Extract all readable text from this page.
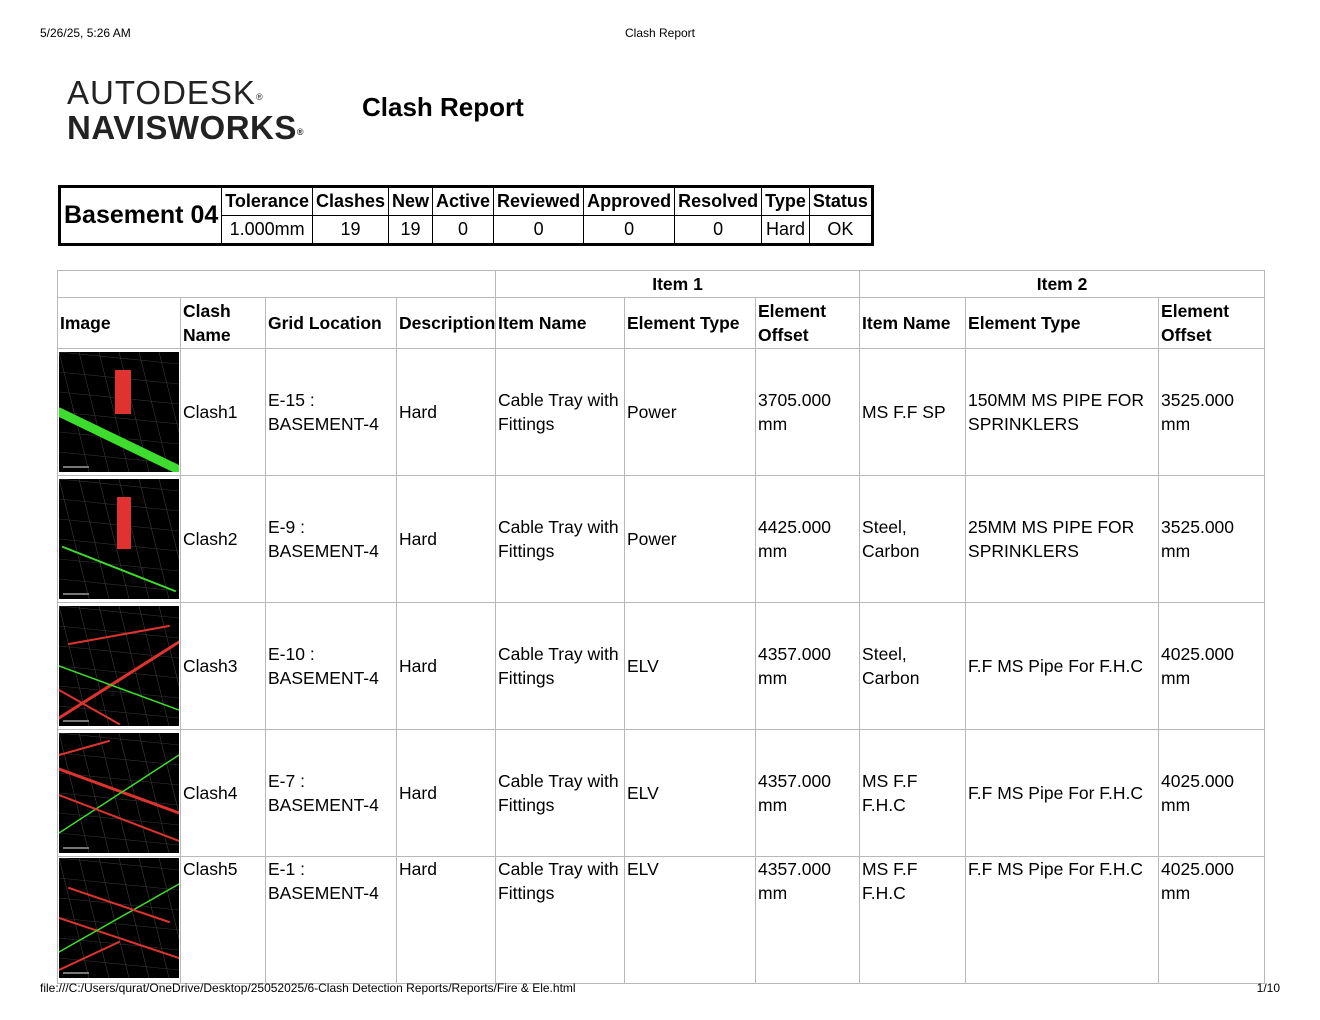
5/26/25, 5:26 AM	Clash Report
AUTODESK®
NAVISWORKS®
Clash Report
Basement 04	Tolerance	Clashes	New	Active	Reviewed	Approved	Resolved	Type	Status
	1.000mm	19	19	0	0	0	0	Hard	OK
				Item 1			Item 2		
Image	Clash Name	Grid Location	Description	Item Name	Element Type	Element Offset	Item Name	Element Type	Element Offset

	Clash1	E-15 : BASEMENT-4	Hard	Cable Tray with Fittings	Power	3705.000 mm	MS F.F SP	150MM MS PIPE FOR SPRINKLERS	3525.000 mm

	Clash2	E-9 : BASEMENT-4	Hard	Cable Tray with Fittings	Power	4425.000 mm	Steel, Carbon	25MM MS PIPE FOR SPRINKLERS	3525.000 mm

	Clash3	E-10 : BASEMENT-4	Hard	Cable Tray with Fittings	ELV	4357.000 mm	Steel, Carbon	F.F MS Pipe For F.H.C	4025.000 mm

	Clash4	E-7 : BASEMENT-4	Hard	Cable Tray with Fittings	ELV	4357.000 mm	MS F.F F.H.C	F.F MS Pipe For F.H.C	4025.000 mm

	Clash5	E-1 : BASEMENT-4	Hard	Cable Tray with Fittings	ELV	4357.000 mm	MS F.F F.H.C	F.F MS Pipe For F.H.C	4025.000 mm
file:///C:/Users/qurat/OneDrive/Desktop/25052025/6-Clash Detection Reports/Reports/Fire & Ele.html	1/10
